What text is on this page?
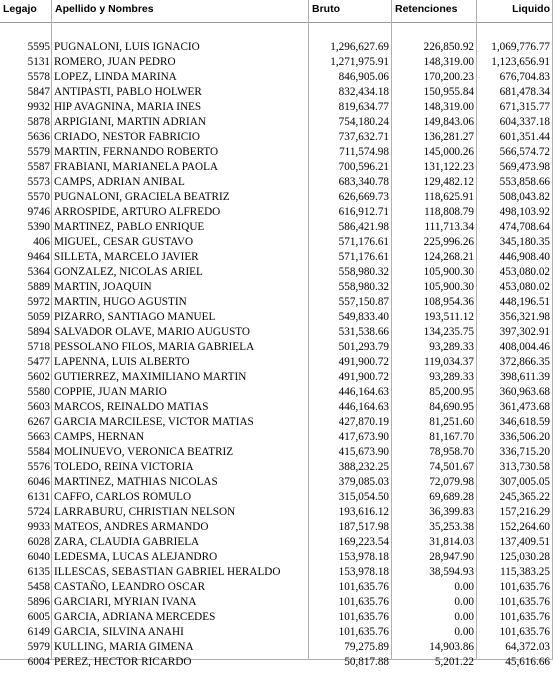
Legajo	Apellido y Nombres	Bruto	Retenciones	Liquido
5595 PUGNALONI, LUIS IGNACIO	1,296,627.69	226,850.92	1,069,776.77
5131 ROMERO, JUAN PEDRO	1,271,975.91	148,319.00	1,123,656.91
5578 LOPEZ, LINDA MARINA	846,905.06	170,200.23	676,704.83
5847 ANTIPASTI, PABLO HOLWER	832,434.18	150,955.84	681,478.34
9932 HIP AVAGNINA, MARIA INES	819,634.77	148,319.00	671,315.77
5878 ARPIGIANI, MARTIN ADRIAN	754,180.24	149,843.06	604,337.18
5636 CRIADO, NESTOR FABRICIO	737,632.71	136,281.27	601,351.44
5579 MARTIN, FERNANDO ROBERTO	711,574.98	145,000.26	566,574.72
5587 FRABIANI, MARIANELA PAOLA	700,596.21	131,122.23	569,473.98
5573 CAMPS, ADRIAN ANIBAL	683,340.78	129,482.12	553,858.66
5570 PUGNALONI, GRACIELA BEATRIZ	626,669.73	118,625.91	508,043.82
9746 ARROSPIDE, ARTURO ALFREDO	616,912.71	118,808.79	498,103.92
5390 MARTINEZ, PABLO ENRIQUE	586,421.98	111,713.34	474,708.64
406 MIGUEL, CESAR GUSTAVO	571,176.61	225,996.26	345,180.35
9464 SILLETA, MARCELO JAVIER	571,176.61	124,268.21	446,908.40
5364 GONZALEZ, NICOLAS ARIEL	558,980.32	105,900.30	453,080.02
5889 MARTIN, JOAQUIN	558,980.32	105,900.30	453,080.02
5972 MARTIN, HUGO AGUSTIN	557,150.87	108,954.36	448,196.51
5059 PIZARRO, SANTIAGO MANUEL	549,833.40	193,511.12	356,321.98
5894 SALVADOR OLAVE, MARIO AUGUSTO	531,538.66	134,235.75	397,302.91
5718 PESSOLANO FILOS, MARIA GABRIELA	501,293.79	93,289.33	408,004.46
5477 LAPENNA, LUIS ALBERTO	491,900.72	119,034.37	372,866.35
5602 GUTIERREZ, MAXIMILIANO MARTIN	491,900.72	93,289.33	398,611.39
5580 COPPIE, JUAN MARIO	446,164.63	85,200.95	360,963.68
5603 MARCOS, REINALDO MATIAS	446,164.63	84,690.95	361,473.68
6267 GARCIA MARCILESE, VICTOR MATIAS	427,870.19	81,251.60	346,618.59
5663 CAMPS, HERNAN	417,673.90	81,167.70	336,506.20
5584 MOLINUEVO, VERONICA BEATRIZ	415,673.90	78,958.70	336,715.20
5576 TOLEDO, REINA VICTORIA	388,232.25	74,501.67	313,730.58
6046 MARTINEZ, MATHIAS NICOLAS	379,085.03	72,079.98	307,005.05
6131 CAFFO, CARLOS ROMULO	315,054.50	69,689.28	245,365.22
5724 LARRABURU, CHRISTIAN NELSON	193,616.12	36,399.83	157,216.29
9933 MATEOS, ANDRES ARMANDO	187,517.98	35,253.38	152,264.60
6028 ZARA, CLAUDIA GABRIELA	169,223.54	31,814.03	137,409.51
6040 LEDESMA, LUCAS ALEJANDRO	153,978.18	28,947.90	125,030.28
6135 ILLESCAS, SEBASTIAN GABRIEL HERALDO	153,978.18	38,594.93	115,383.25
5458 CASTAÑO, LEANDRO OSCAR	101,635.76	0.00	101,635.76
5896 GARCIARI, MYRIAN IVANA	101,635.76	0.00	101,635.76
6005 GARCIA, ADRIANA MERCEDES	101,635.76	0.00	101,635.76
6149 GARCIA, SILVINA ANAHI	101,635.76	0.00	101,635.76
5979 KULLING, MARIA GIMENA	79,275.89	14,903.86	64,372.03
6004 PEREZ, HECTOR RICARDO	50,817.88	5,201.22	45,616.66
